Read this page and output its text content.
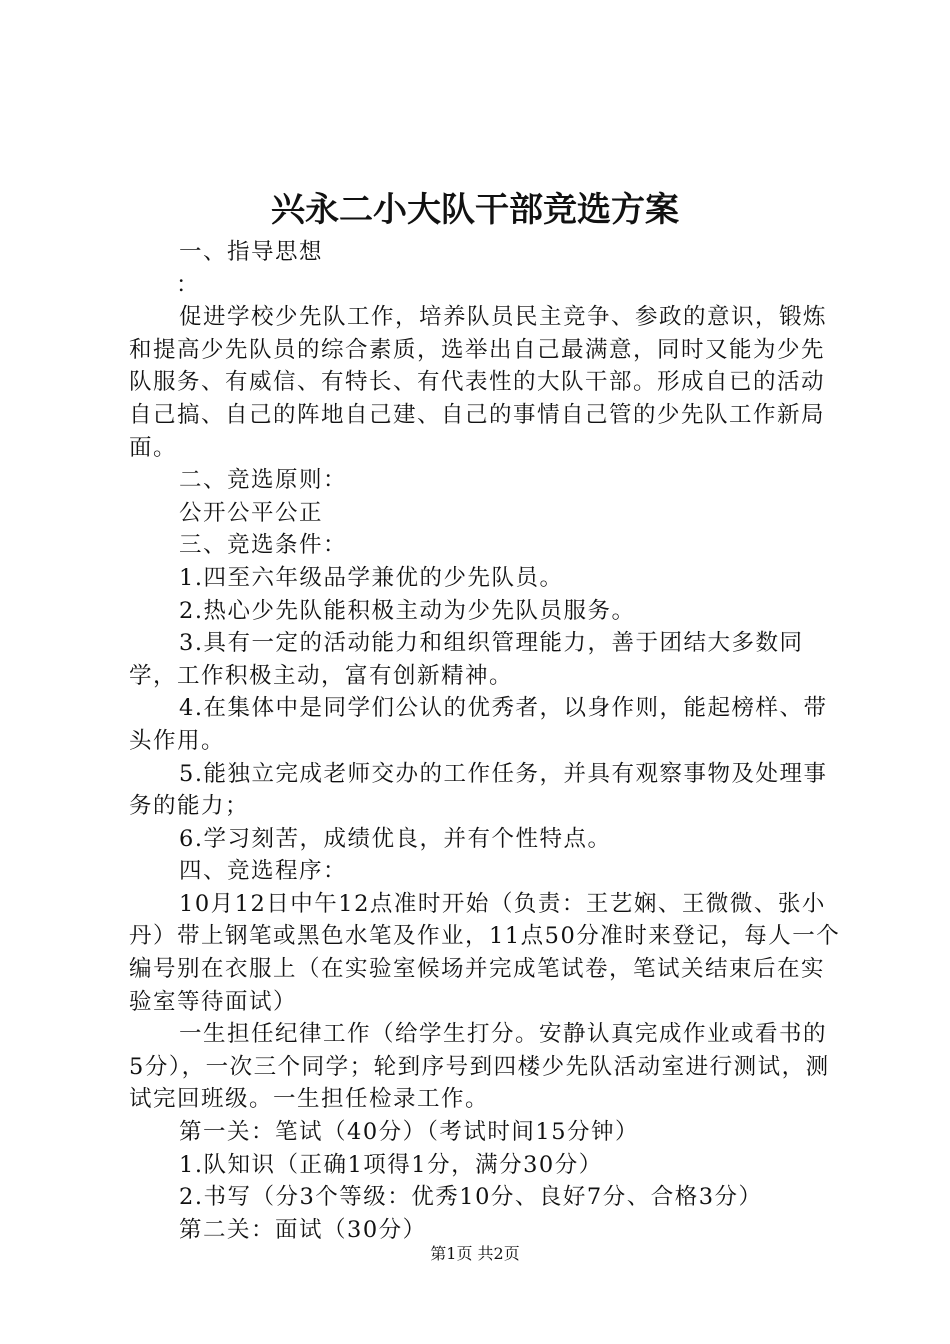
兴永二小大队干部竞选方案

一、指导思想

：

促进学校少先队工作，培养队员民主竞争、参政的意识，锻炼和提高少先队员的综合素质，选举出自己最满意，同时又能为少先队服务、有威信、有特长、有代表性的大队干部。形成自已的活动自己搞、自己的阵地自己建、自己的事情自己管的少先队工作新局面。

二、竞选原则：

公开公平公正

三、竞选条件：

1.四至六年级品学兼优的少先队员。

2.热心少先队能积极主动为少先队员服务。

3.具有一定的活动能力和组织管理能力，善于团结大多数同学，工作积极主动，富有创新精神。

4.在集体中是同学们公认的优秀者，以身作则，能起榜样、带头作用。

5.能独立完成老师交办的工作任务，并具有观察事物及处理事务的能力；

6.学习刻苦，成绩优良，并有个性特点。

四、竞选程序：

10月12日中午12点准时开始（负责：王艺娴、王微微、张小丹）带上钢笔或黑色水笔及作业，11点50分准时来登记，每人一个编号别在衣服上（在实验室候场并完成笔试卷，笔试关结束后在实验室等待面试）

一生担任纪律工作（给学生打分。安静认真完成作业或看书的5分），一次三个同学；轮到序号到四楼少先队活动室进行测试，测试完回班级。一生担任检录工作。

第一关：笔试（40分）（考试时间15分钟）

1.队知识（正确1项得1分，满分30分）

2.书写（分3个等级：优秀10分、良好7分、合格3分）

第二关：面试（30分）

第1页 共2页
